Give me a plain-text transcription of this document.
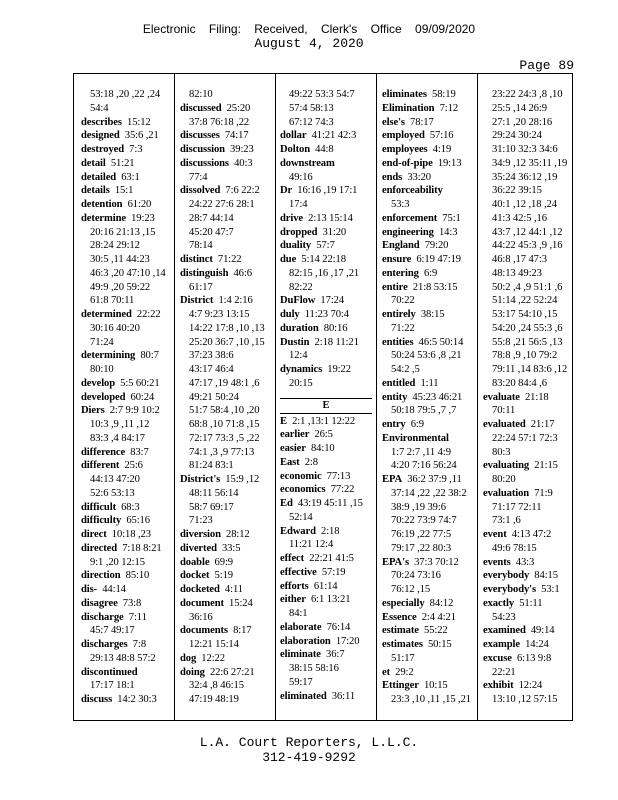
Electronic Filing: Received, Clerk's Office 09/09/2020
August 4, 2020
Page 89
53:18 ,20 ,22 ,24
54:4
describes 15:12
designed 35:6 ,21
destroyed 7:3
detail 51:21
detailed 63:1
details 15:1
detention 61:20
determine 19:23
20:16 21:13 ,15
28:24 29:12
30:5 ,11 44:23
46:3 ,20 47:10 ,14
49:9 ,20 59:22
61:8 70:11
determined 22:22
30:16 40:20
71:24
determining 80:7
80:10
develop 5:5 60:21
developed 60:24
Diers 2:7 9:9 10:2
10:3 ,9 ,11 ,12
83:3 ,4 84:17
difference 83:7
different 25:6
44:13 47:20
52:6 53:13
difficult 68:3
difficulty 65:16
direct 10:18 ,23
directed 7:18 8:21
9:1 ,20 12:15
direction 85:10
dis- 44:14
disagree 73:8
discharge 7:11
45:7 49:17
discharges 7:8
29:13 48:8 57:2
discontinued
17:17 18:1
discuss 14:2 30:3
82:10
discussed 25:20
37:8 76:18 ,22
discusses 74:17
discussion 39:23
discussions 40:3
77:4
dissolved 7:6 22:2
24:22 27:6 28:1
28:7 44:14
45:20 47:7
78:14
distinct 71:22
distinguish 46:6
61:17
District 1:4 2:16
4:7 9:23 13:15
14:22 17:8 ,10 ,13
25:20 36:7 ,10 ,15
37:23 38:6
43:17 46:4
47:17 ,19 48:1 ,6
49:21 50:24
51:7 58:4 ,10 ,20
68:8 ,10 71:8 ,15
72:17 73:3 ,5 ,22
74:1 ,3 ,9 77:13
81:24 83:1
District's 15:9 ,12
48:11 56:14
58:7 69:17
71:23
diversion 28:12
diverted 33:5
doable 69:9
docket 5:19
docketed 4:11
document 15:24
36:16
documents 8:17
12:21 15:14
dog 12:22
doing 22:6 27:21
32:4 ,8 46:15
47:19 48:19
49:22 53:3 54:7
57:4 58:13
67:12 74:3
dollar 41:21 42:3
Dolton 44:8
downstream
49:16
Dr 16:16 ,19 17:1
17:4
drive 2:13 15:14
dropped 31:20
duality 57:7
due 5:14 22:18
82:15 ,16 ,17 ,21
82:22
DuFlow 17:24
duly 11:23 70:4
duration 80:16
Dustin 2:18 11:21
12:4
dynamics 19:22
20:15
E
E 2:1 ,13:1 12:22
earlier 26:5
easier 84:10
East 2:8
economic 77:13
economics 77:22
Ed 43:19 45:11 ,15
52:14
Edward 2:18
11:21 12:4
effect 22:21 41:5
effective 57:19
efforts 61:14
either 6:1 13:21
84:1
elaborate 76:14
elaboration 17:20
eliminate 36:7
38:15 58:16
59:17
eliminated 36:11
eliminates 58:19
Elimination 7:12
else's 78:17
employed 57:16
employees 4:19
end-of-pipe 19:13
ends 33:20
enforceability
53:3
enforcement 75:1
engineering 14:3
England 79:20
ensure 6:19 47:19
entering 6:9
entire 21:8 53:15
70:22
entirely 38:15
71:22
entities 46:5 50:14
50:24 53:6 ,8 ,21
54:2 ,5
entitled 1:11
entity 45:23 46:21
50:18 79:5 ,7 ,7
entry 6:9
Environmental
1:7 2:7 ,11 4:9
4:20 7:16 56:24
EPA 36:2 37:9 ,11
37:14 ,22 ,22 38:2
38:9 ,19 39:6
70:22 73:9 74:7
76:19 ,22 77:5
79:17 ,22 80:3
EPA's 37:3 70:12
70:24 73:16
76:12 ,15
especially 84:12
Essence 2:4 4:21
estimate 55:22
estimates 50:15
51:17
et 29:2
Ettinger 10:15
23:3 ,10 ,11 ,15 ,21
23:22 24:3 ,8 ,10
25:5 ,14 26:9
27:1 ,20 28:16
29:24 30:24
31:10 32:3 34:6
34:9 ,12 35:11 ,19
35:24 36:12 ,19
36:22 39:15
40:1 ,12 ,18 ,24
41:3 42:5 ,16
43:7 ,12 44:1 ,12
44:22 45:3 ,9 ,16
46:8 ,17 47:3
48:13 49:23
50:2 ,4 ,9 51:1 ,6
51:14 ,22 52:24
53:17 54:10 ,15
54:20 ,24 55:3 ,6
55:8 ,21 56:5 ,13
78:8 ,9 ,10 79:2
79:11 ,14 83:6 ,12
83:20 84:4 ,6
evaluate 21:18
70:11
evaluated 21:17
22:24 57:1 72:3
80:3
evaluating 21:15
80:20
evaluation 71:9
71:17 72:11
73:1 ,6
event 4:13 47:2
49:6 78:15
events 43:3
everybody 84:15
everybody's 53:1
exactly 51:11
54:23
examined 49:14
example 14:24
excuse 6:13 9:8
22:21
exhibit 12:24
13:10 ,12 57:15
L.A. Court Reporters, L.L.C.
312-419-9292
